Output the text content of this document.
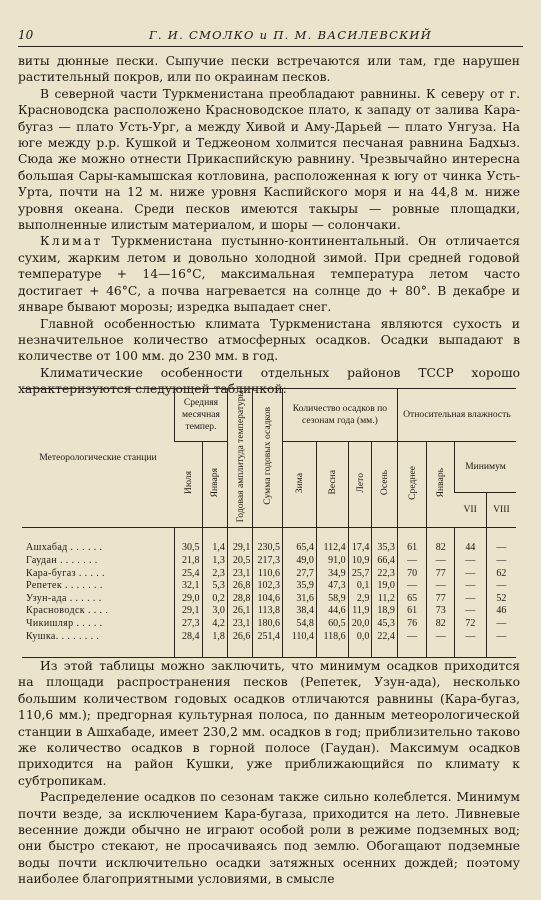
10	Г. И. СМОЛКО и П. М. ВАСИЛЕВСКИЙ

виты дюнные пески. Сыпучие пески встречаются или там, где нарушен растительный покров, или по окраинам песков.

В северной части Туркменистана преобладают равнины. К северу от г. Красноводска расположено Красноводское плато, к западу от залива Кара-бугаз — плато Усть-Ург, а между Хивой и Аму-Дарьей — плато Унгуза. На юге между р.р. Кушкой и Теджеоном холмится песчаная равнина Бадхыз. Сюда же можно отнести Прикаспийскую равнину. Чрезвычайно интересна большая Сары-камышская котловина, расположенная к югу от чинка Усть-Урта, почти на 12 м. ниже уровня Каспийского моря и на 44,8 м. ниже уровня океана. Среди песков имеются такыры — ровные площадки, выполненные илистым материалом, и шоры — солончаки.

Климат Туркменистана пустынно-континентальный. Он отличается сухим, жарким летом и довольно холодной зимой. При средней годовой температуре + 14—16°С, максимальная температура летом часто достигает + 46°С, а почва нагревается на солнце до + 80°. В декабре и январе бывают морозы; изредка выпадает снег.

Главной особенностью климата Туркменистана являются сухость и незначительное количество атмосферных осадков. Осадки выпадают в количестве от 100 мм. до 230 мм. в год.

Климатические особенности отдельных районов ТССР хорошо характеризуются следующей табличкой:

Метеорологические станции	Средняя месячная темпер.		Годовая амплитуда температуры	Сумма годовых осадков	Количество осадков по сезонам года (мм.)				Относительная влажность			
	Июля	Января			Зима	Весна	Лето	Осень	Среднее	Январь	Минимум	
											VII	VIII

Ашхабад . . . . . .	30,5	1,4	29,1	230,5	65,4	112,4	17,4	35,3	61	82	44	—
Гаудан . . . . . . .	21,8	1,3	20,5	217,3	49,0	91,0	10,9	66,4	—	—	—	—
Кара-бугаз . . . . .	25,4	2,3	23,1	110,6	27,7	34,9	25,7	22,3	70	77	—	62
Репетек . . . . . . .	32,1	5,3	26,8	102,3	35,9	47,3	0,1	19,0	—	—	—	—
Узун-ада . . . . . .	29,0	0,2	28,8	104,6	31,6	58,9	2,9	11,2	65	77	—	52
Красноводск . . . .	29,1	3,0	26,1	113,8	38,4	44,6	11,9	18,9	61	73	—	46
Чикишляр . . . . .	27,3	4,2	23,1	180,6	54,8	60,5	20,0	45,3	76	82	72	—
Кушка. . . . . . . .	28,4	1,8	26,6	251,4	110,4	118,6	0,0	22,4	—	—	—	—

Из этой таблицы можно заключить, что минимум осадков приходится на площади распространения песков (Репетек, Узун-ада), несколько большим количеством годовых осадков отличаются равнины (Кара-бугаз, 110,6 мм.); предгорная культурная полоса, по данным метеорологической станции в Ашхабаде, имеет 230,2 мм. осадков в год; приблизительно таково же количество осадков в горной полосе (Гаудан). Максимум осадков приходится на район Кушки, уже приближающийся по климату к субтропикам.

Распределение осадков по сезонам также сильно колеблется. Минимум почти везде, за исключением Кара-бугаза, приходится на лето. Ливневые весенние дожди обычно не играют особой роли в режиме подземных вод; они быстро стекают, не просачиваясь под землю. Обогащают подземные воды почти исключительно осадки затяжных осенних дождей; поэтому наиболее благоприятными условиями, в смысле
